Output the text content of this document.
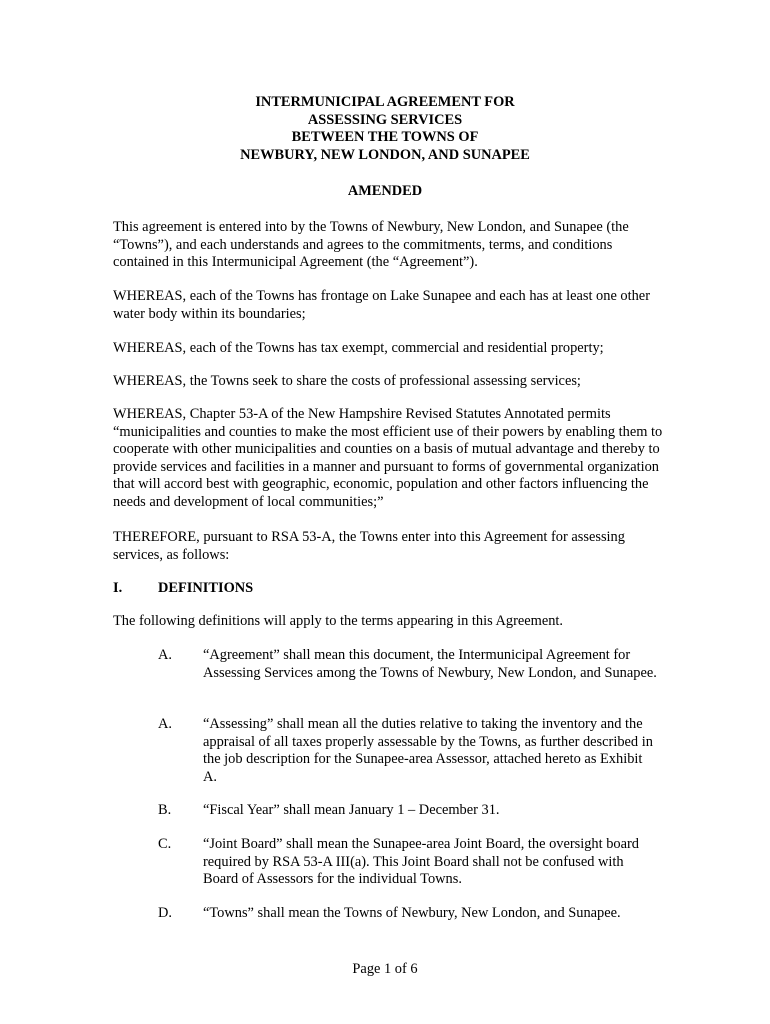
INTERMUNICIPAL AGREEMENT FOR
ASSESSING SERVICES
BETWEEN THE TOWNS OF
NEWBURY, NEW LONDON, AND SUNAPEE
AMENDED
This agreement is entered into by the Towns of Newbury, New London, and Sunapee (the “Towns”), and each understands and agrees to the commitments, terms, and conditions contained in this Intermunicipal Agreement (the “Agreement”).
WHEREAS, each of the Towns has frontage on Lake Sunapee and each has at least one other water body within its boundaries;
WHEREAS, each of the Towns has tax exempt, commercial and residential property;
WHEREAS, the Towns seek to share the costs of professional assessing services;
WHEREAS, Chapter 53-A of the New Hampshire Revised Statutes Annotated permits “municipalities and counties to make the most efficient use of their powers by enabling them to cooperate with other municipalities and counties on a basis of mutual advantage and thereby to provide services and facilities in a manner and pursuant to forms of governmental organization that will accord best with geographic, economic, population and other factors influencing the needs and development of local communities;”
THEREFORE, pursuant to RSA 53-A, the Towns enter into this Agreement for assessing services, as follows:
I. DEFINITIONS
The following definitions will apply to the terms appearing in this Agreement.
A. “Agreement” shall mean this document, the Intermunicipal Agreement for Assessing Services among the Towns of Newbury, New London, and Sunapee.
A. “Assessing” shall mean all the duties relative to taking the inventory and the appraisal of all taxes properly assessable by the Towns, as further described in the job description for the Sunapee-area Assessor, attached hereto as Exhibit A.
B. “Fiscal Year” shall mean January 1 – December 31.
C. “Joint Board” shall mean the Sunapee-area Joint Board, the oversight board required by RSA 53-A III(a). This Joint Board shall not be confused with Board of Assessors for the individual Towns.
D. “Towns” shall mean the Towns of Newbury, New London, and Sunapee.
Page 1 of 6
